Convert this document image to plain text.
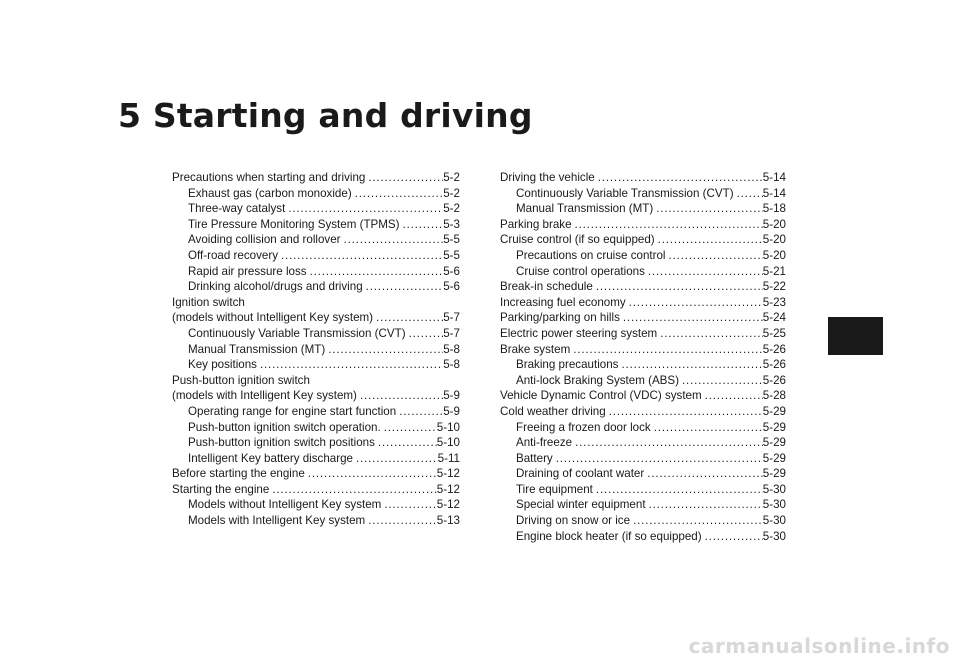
5 Starting and driving
Precautions when starting and driving . . .	5-2
Exhaust gas (carbon monoxide) . . .	5-2
Three-way catalyst . . .	5-2
Tire Pressure Monitoring System (TPMS) . . .	5-3
Avoiding collision and rollover . . .	5-5
Off-road recovery . . .	5-5
Rapid air pressure loss . . .	5-6
Drinking alcohol/drugs and driving . . .	5-6
Ignition switch
(models without Intelligent Key system) . . .	5-7
Continuously Variable Transmission (CVT) . . .	5-7
Manual Transmission (MT) . . .	5-8
Key positions . . .	5-8
Push-button ignition switch
(models with Intelligent Key system) . . .	5-9
Operating range for engine start function . . .	5-9
Push-button ignition switch operation. . . .	5-10
Push-button ignition switch positions . . .	5-10
Intelligent Key battery discharge . . .	5-11
Before starting the engine . . .	5-12
Starting the engine . . .	5-12
Models without Intelligent Key system . . .	5-12
Models with Intelligent Key system . . .	5-13
Driving the vehicle . . .	5-14
Continuously Variable Transmission (CVT) . . .	5-14
Manual Transmission (MT) . . .	5-18
Parking brake . . .	5-20
Cruise control (if so equipped) . . .	5-20
Precautions on cruise control . . .	5-20
Cruise control operations . . .	5-21
Break-in schedule . . .	5-22
Increasing fuel economy . . .	5-23
Parking/parking on hills . . .	5-24
Electric power steering system . . .	5-25
Brake system . . .	5-26
Braking precautions . . .	5-26
Anti-lock Braking System (ABS) . . .	5-26
Vehicle Dynamic Control (VDC) system . . .	5-28
Cold weather driving . . .	5-29
Freeing a frozen door lock . . .	5-29
Anti-freeze . . .	5-29
Battery . . .	5-29
Draining of coolant water . . .	5-29
Tire equipment . . .	5-30
Special winter equipment . . .	5-30
Driving on snow or ice . . .	5-30
Engine block heater (if so equipped) . . .	5-30
carmanualsonline.info
